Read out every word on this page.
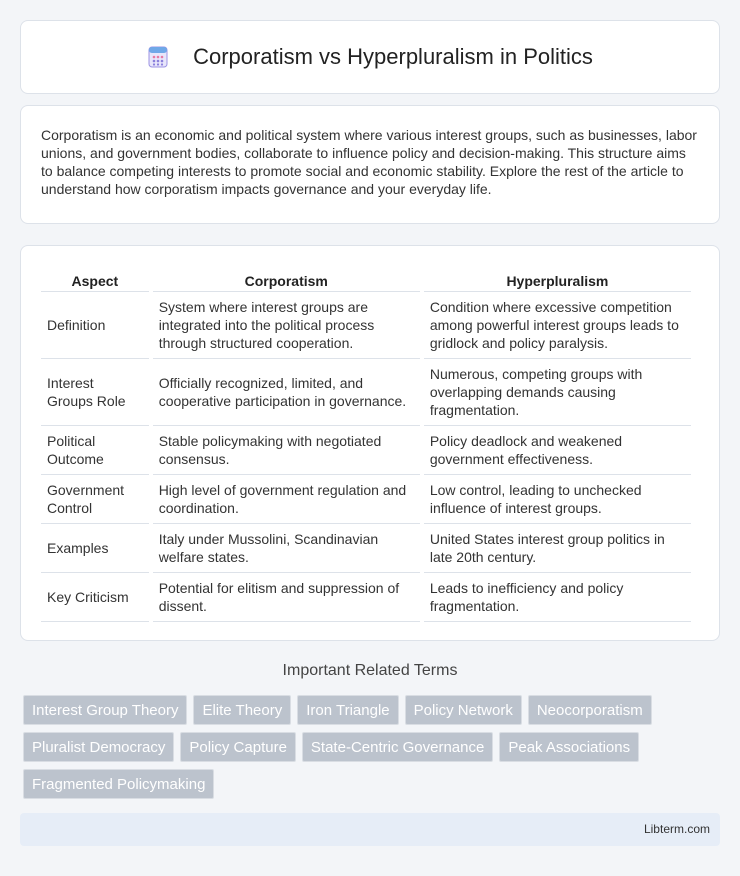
Corporatism vs Hyperpluralism in Politics

Corporatism is an economic and political system where various interest groups, such as businesses, labor unions, and government bodies, collaborate to influence policy and decision-making. This structure aims to balance competing interests to promote social and economic stability. Explore the rest of the article to understand how corporatism impacts governance and your everyday life.

Aspect	Corporatism	Hyperpluralism
Definition	System where interest groups are integrated into the political process through structured cooperation.	Condition where excessive competition among powerful interest groups leads to gridlock and policy paralysis.
Interest Groups Role	Officially recognized, limited, and cooperative participation in governance.	Numerous, competing groups with overlapping demands causing fragmentation.
Political Outcome	Stable policymaking with negotiated consensus.	Policy deadlock and weakened government effectiveness.
Government Control	High level of government regulation and coordination.	Low control, leading to unchecked influence of interest groups.
Examples	Italy under Mussolini, Scandinavian welfare states.	United States interest group politics in late 20th century.
Key Criticism	Potential for elitism and suppression of dissent.	Leads to inefficiency and policy fragmentation.
Important Related Terms
Interest Group Theory	Elite Theory	Iron Triangle	Policy Network	Neocorporatism
Pluralist Democracy	Policy Capture	State-Centric Governance	Peak Associations
Fragmented Policymaking
Libterm.com
